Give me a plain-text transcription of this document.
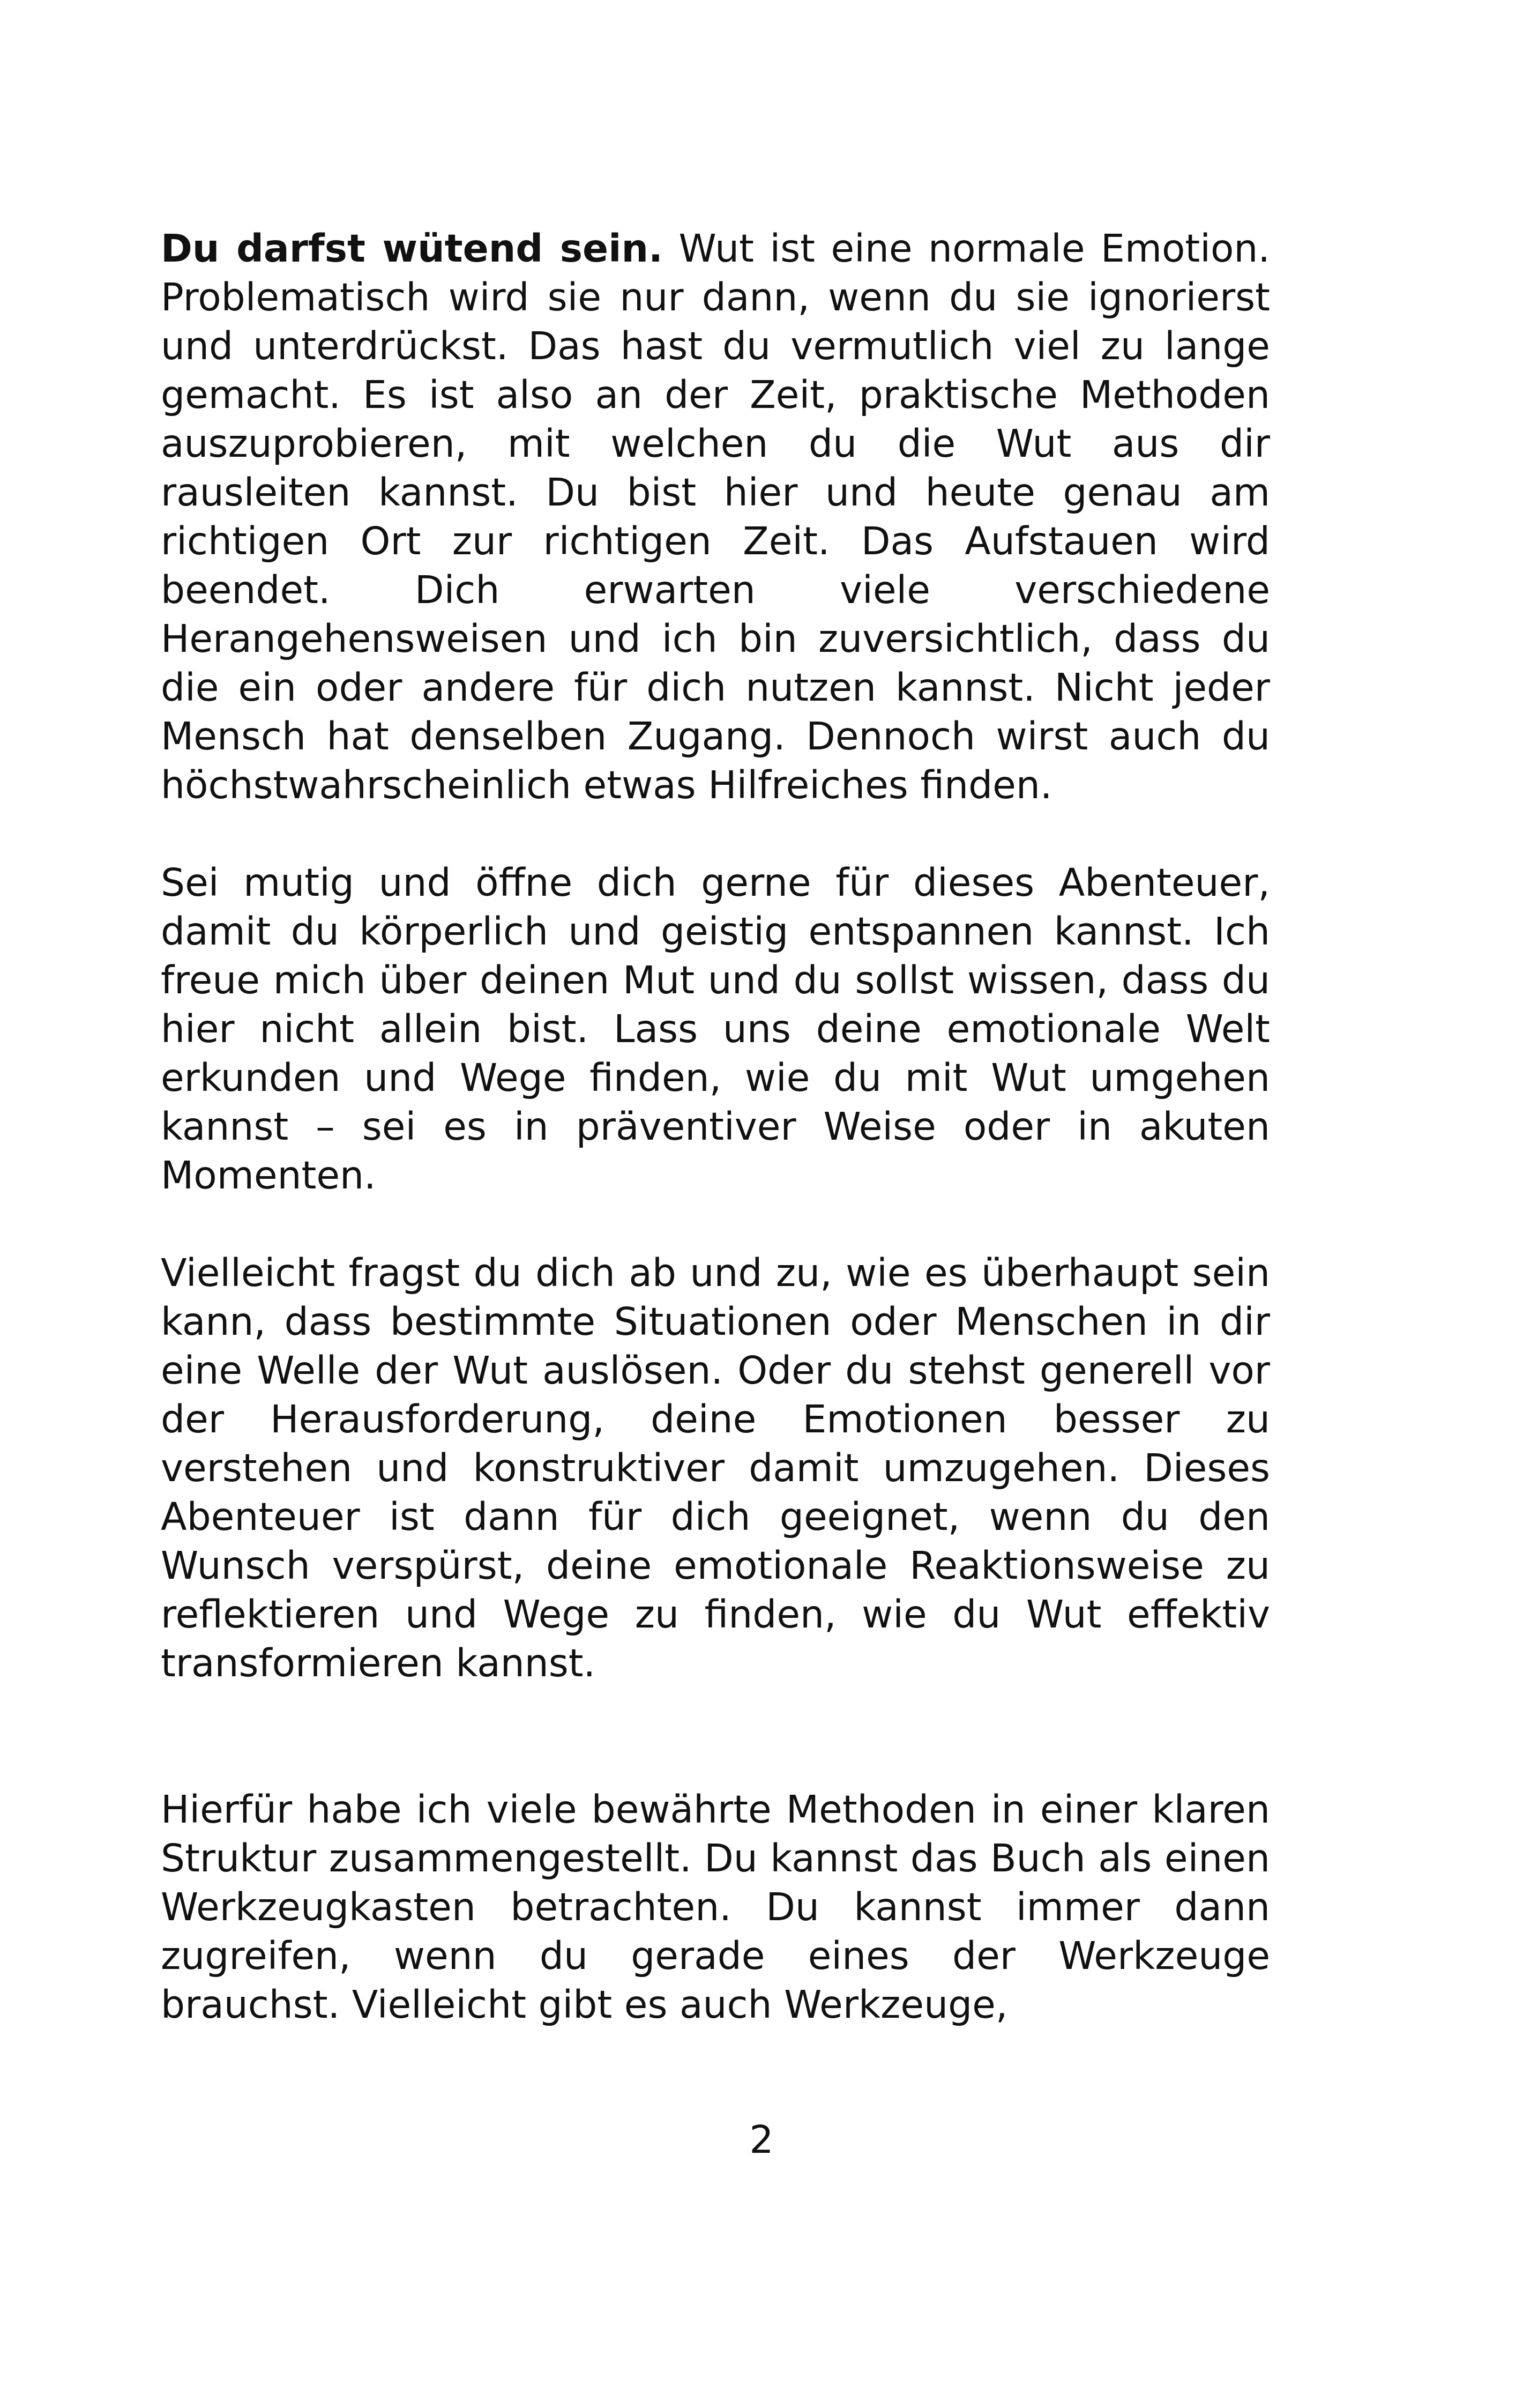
Du darfst wütend sein. Wut ist eine normale Emotion. Problematisch wird sie nur dann, wenn du sie ignorierst und unterdrückst. Das hast du vermutlich viel zu lange gemacht. Es ist also an der Zeit, praktische Methoden auszuprobieren, mit welchen du die Wut aus dir rausleiten kannst. Du bist hier und heute genau am richtigen Ort zur richtigen Zeit. Das Aufstauen wird beendet. Dich erwarten viele verschiedene Herangehensweisen und ich bin zuversichtlich, dass du die ein oder andere für dich nutzen kannst. Nicht jeder Mensch hat denselben Zugang. Dennoch wirst auch du höchstwahrscheinlich etwas Hilfreiches finden.

Sei mutig und öffne dich gerne für dieses Abenteuer, damit du körperlich und geistig entspannen kannst. Ich freue mich über deinen Mut und du sollst wissen, dass du hier nicht allein bist. Lass uns deine emotionale Welt erkunden und Wege finden, wie du mit Wut umgehen kannst – sei es in präventiver Weise oder in akuten Momenten.

Vielleicht fragst du dich ab und zu, wie es überhaupt sein kann, dass bestimmte Situationen oder Menschen in dir eine Welle der Wut auslösen. Oder du stehst generell vor der Herausforderung, deine Emotionen besser zu verstehen und konstruktiver damit umzugehen. Dieses Abenteuer ist dann für dich geeignet, wenn du den Wunsch verspürst, deine emotionale Reaktionsweise zu reflektieren und Wege zu finden, wie du Wut effektiv transformieren kannst.

Hierfür habe ich viele bewährte Methoden in einer klaren Struktur zusammengestellt. Du kannst das Buch als einen Werkzeugkasten betrachten. Du kannst immer dann zugreifen, wenn du gerade eines der Werkzeuge brauchst. Vielleicht gibt es auch Werkzeuge,

2
